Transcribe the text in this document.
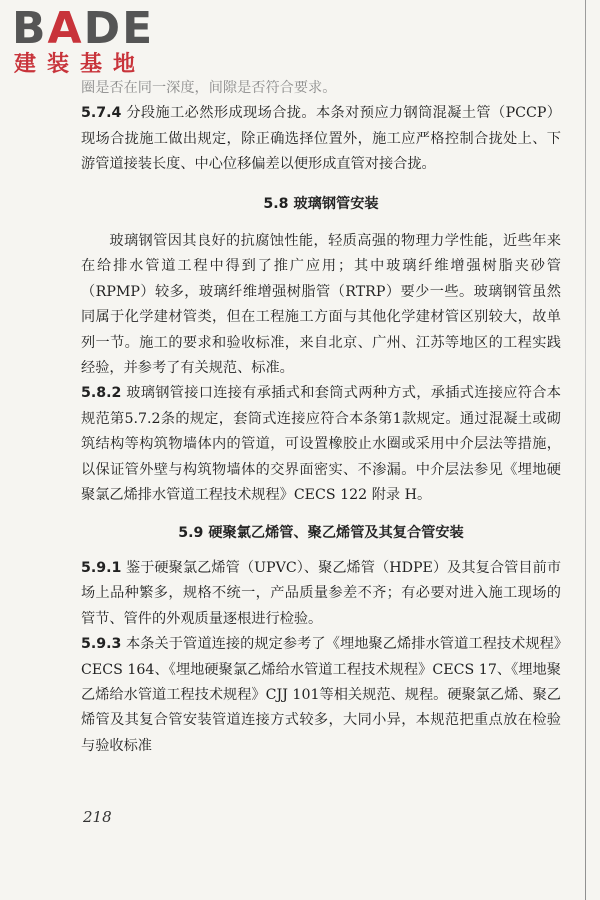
BADE
建装基地

圈是否在同一深度，间隙是否符合要求。

5.7.4 分段施工必然形成现场合拢。本条对预应力钢筒混凝土管（PCCP）现场合拢施工做出规定，除正确选择位置外，施工应严格控制合拢处上、下游管道接装长度、中心位移偏差以便形成直管对接合拢。

5.8 玻璃钢管安装

玻璃钢管因其良好的抗腐蚀性能，轻质高强的物理力学性能，近些年来在给排水管道工程中得到了推广应用；其中玻璃纤维增强树脂夹砂管（RPMP）较多，玻璃纤维增强树脂管（RTRP）要少一些。玻璃钢管虽然同属于化学建材管类，但在工程施工方面与其他化学建材管区别较大，故单列一节。施工的要求和验收标准，来自北京、广州、江苏等地区的工程实践经验，并参考了有关规范、标准。

5.8.2 玻璃钢管接口连接有承插式和套筒式两种方式，承插式连接应符合本规范第5.7.2条的规定，套筒式连接应符合本条第1款规定。通过混凝土或砌筑结构等构筑物墙体内的管道，可设置橡胶止水圈或采用中介层法等措施，以保证管外壁与构筑物墙体的交界面密实、不渗漏。中介层法参见《埋地硬聚氯乙烯排水管道工程技术规程》CECS 122 附录 H。

5.9 硬聚氯乙烯管、聚乙烯管及其复合管安装

5.9.1 鉴于硬聚氯乙烯管（UPVC）、聚乙烯管（HDPE）及其复合管目前市场上品种繁多，规格不统一，产品质量参差不齐；有必要对进入施工现场的管节、管件的外观质量逐根进行检验。

5.9.3 本条关于管道连接的规定参考了《埋地聚乙烯排水管道工程技术规程》CECS 164、《埋地硬聚氯乙烯给水管道工程技术规程》CECS 17、《埋地聚乙烯给水管道工程技术规程》CJJ 101等相关规范、规程。硬聚氯乙烯、聚乙烯管及其复合管安装管道连接方式较多，大同小异，本规范把重点放在检验与验收标准

218
